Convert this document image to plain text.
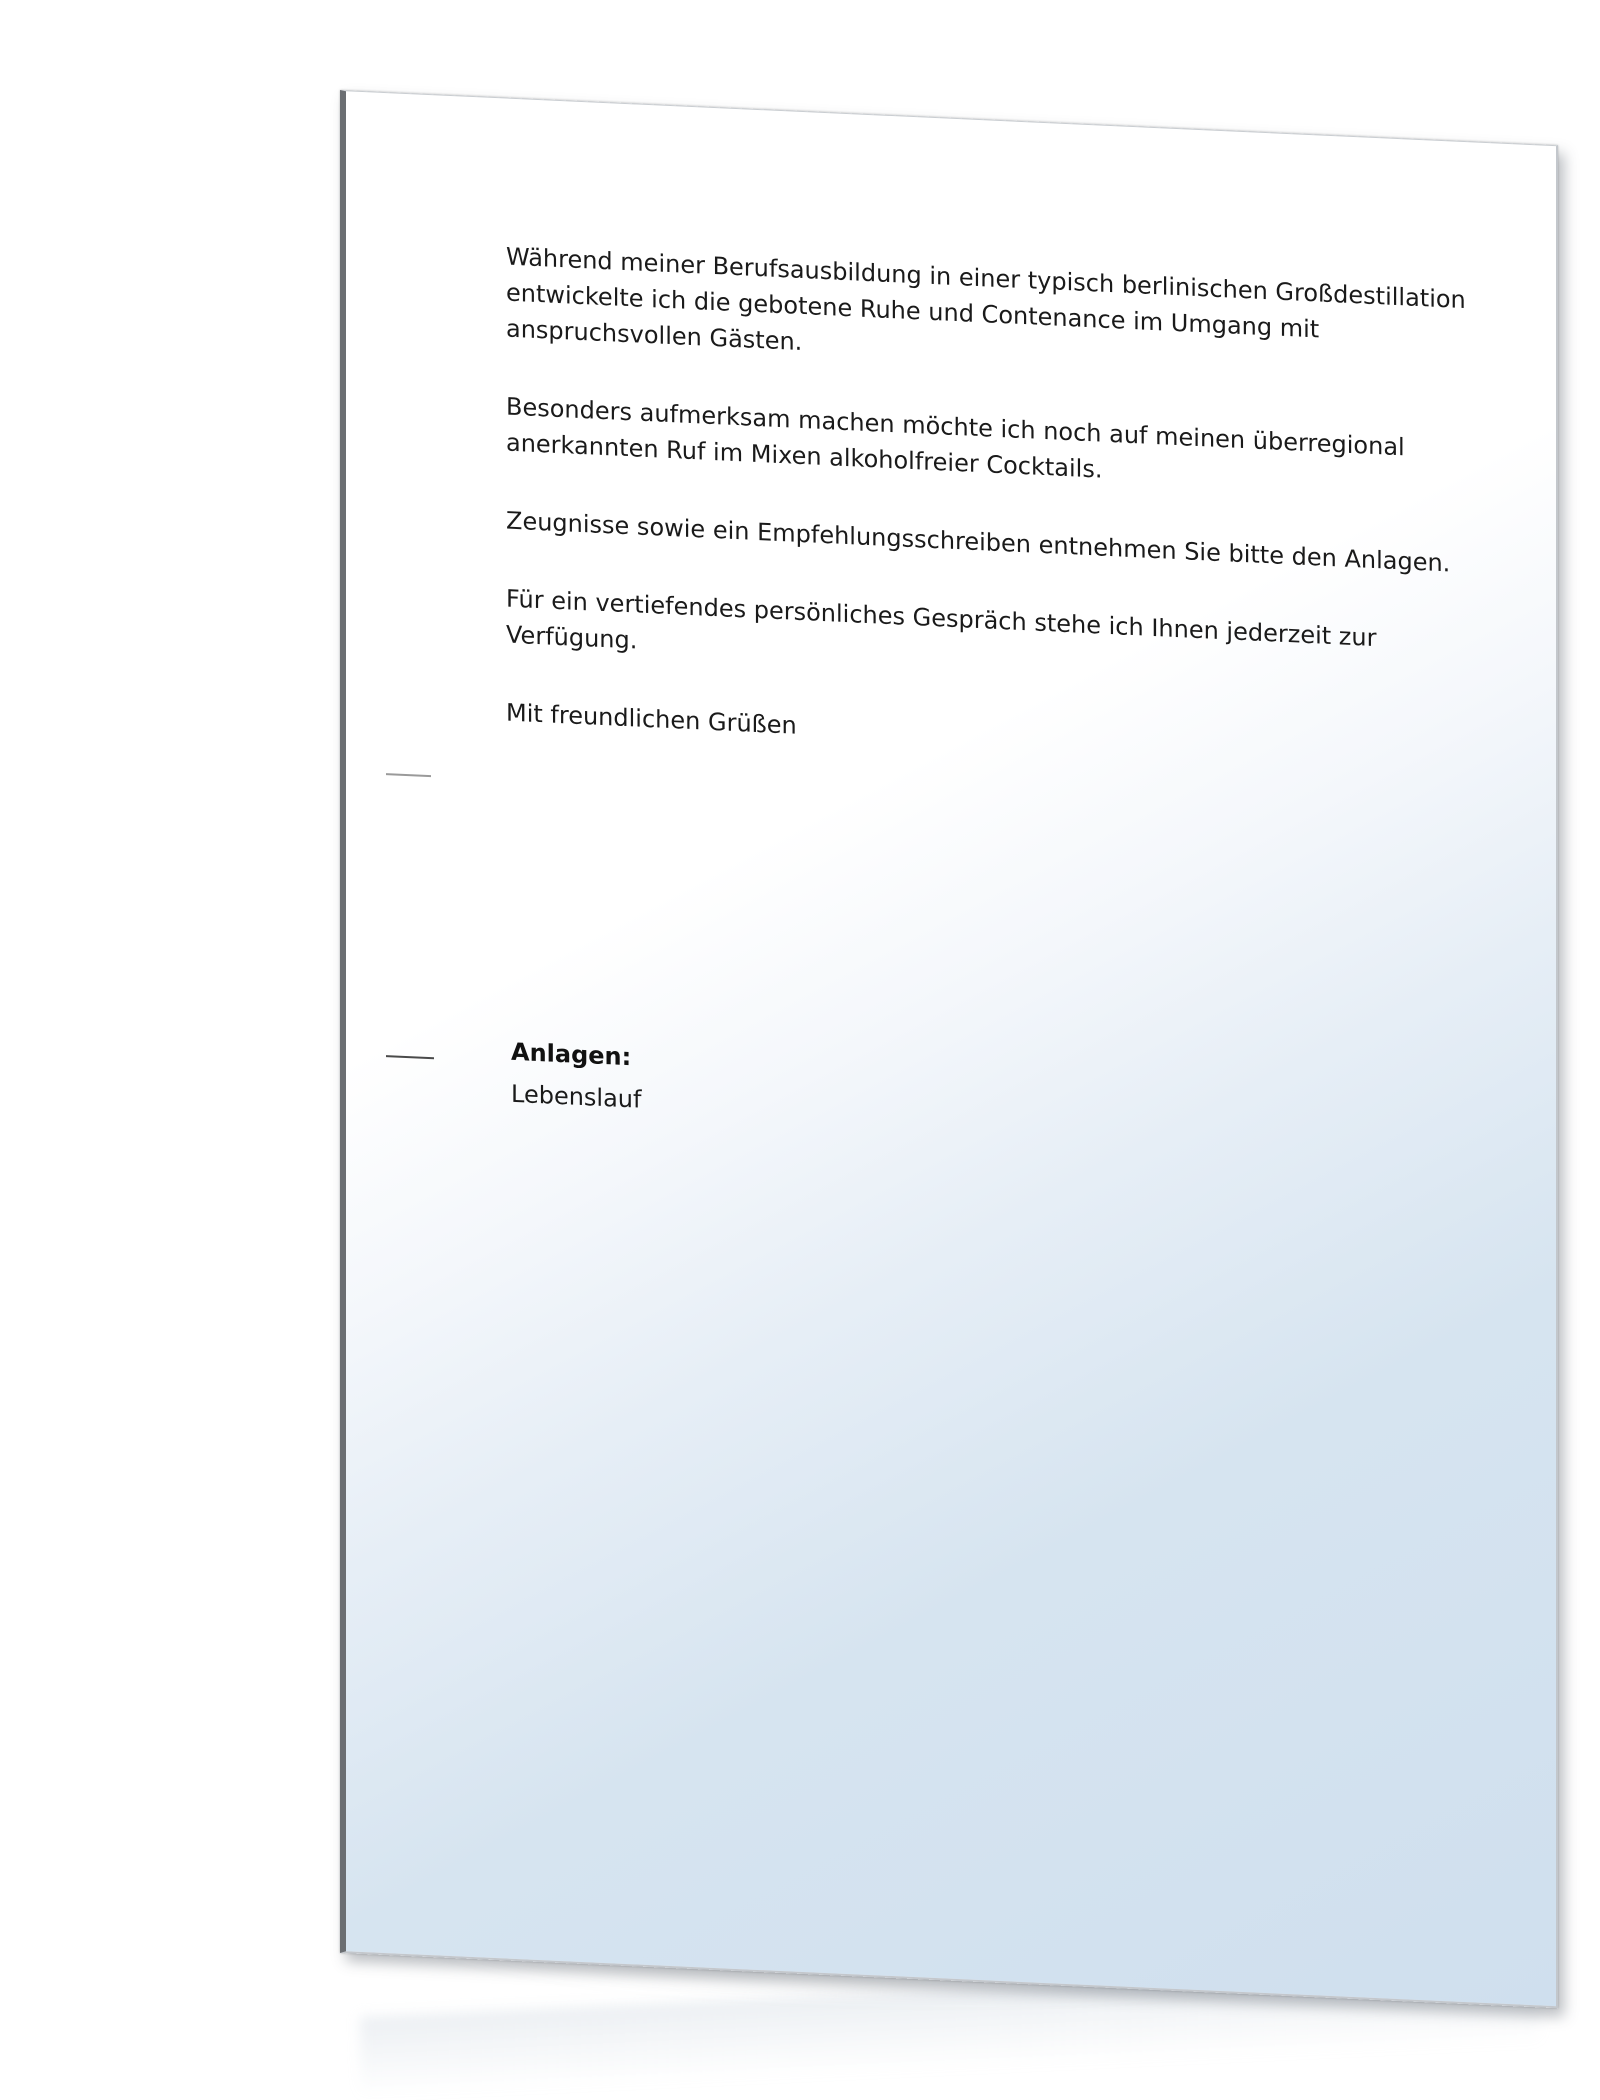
Während meiner Berufsausbildung in einer typisch berlinischen Großdestillation entwickelte ich die gebotene Ruhe und Contenance im Umgang mit anspruchsvollen Gästen.

Besonders aufmerksam machen möchte ich noch auf meinen überregional anerkannten Ruf im Mixen alkoholfreier Cocktails.

Zeugnisse sowie ein Empfehlungsschreiben entnehmen Sie bitte den Anlagen.

Für ein vertiefendes persönliches Gespräch stehe ich Ihnen jederzeit zur Verfügung.

Mit freundlichen Grüßen

Anlagen:
Lebenslauf
